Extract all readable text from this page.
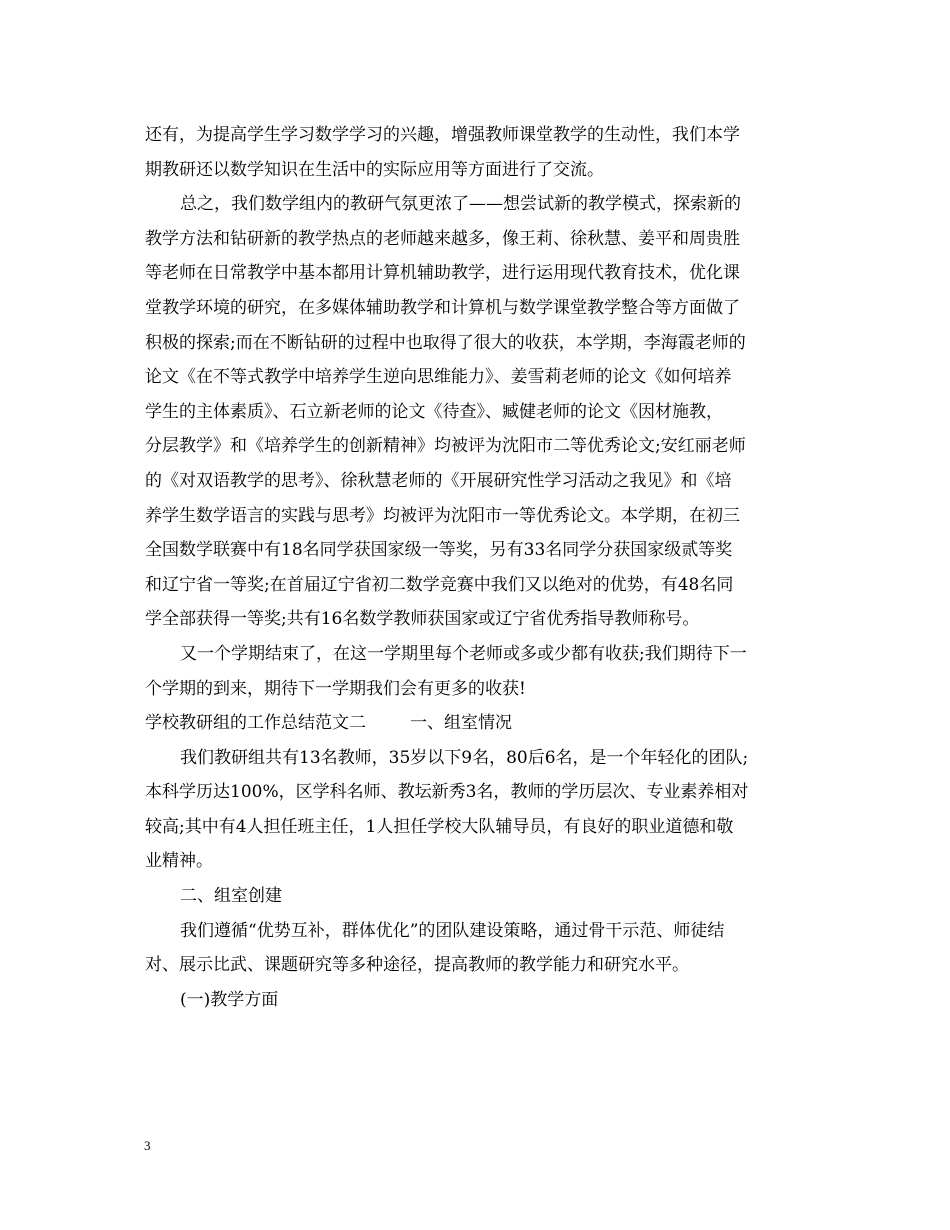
还有，为提高学生学习数学学习的兴趣，增强教师课堂教学的生动性，我们本学
期教研还以数学知识在生活中的实际应用等方面进行了交流。
总之，我们数学组内的教研气氛更浓了——想尝试新的教学模式，探索新的
教学方法和钻研新的教学热点的老师越来越多，像王莉、徐秋慧、姜平和周贵胜
等老师在日常教学中基本都用计算机辅助教学，进行运用现代教育技术，优化课
堂教学环境的研究，在多媒体辅助教学和计算机与数学课堂教学整合等方面做了
积极的探索;而在不断钻研的过程中也取得了很大的收获，本学期，李海霞老师的
论文《在不等式教学中培养学生逆向思维能力》、姜雪莉老师的论文《如何培养
学生的主体素质》、石立新老师的论文《待查》、臧健老师的论文《因材施教，
分层教学》和《培养学生的创新精神》均被评为沈阳市二等优秀论文;安红丽老师
的《对双语教学的思考》、徐秋慧老师的《开展研究性学习活动之我见》和《培
养学生数学语言的实践与思考》均被评为沈阳市一等优秀论文。本学期，在初三
全国数学联赛中有18名同学获国家级一等奖，另有33名同学分获国家级贰等奖
和辽宁省一等奖;在首届辽宁省初二数学竞赛中我们又以绝对的优势，有48名同
学全部获得一等奖;共有16名数学教师获国家或辽宁省优秀指导教师称号。
又一个学期结束了，在这一学期里每个老师或多或少都有收获;我们期待下一
个学期的到来，期待下一学期我们会有更多的收获!
学校教研组的工作总结范文二	一、组室情况
我们教研组共有13名教师，35岁以下9名，80后6名，是一个年轻化的团队;
本科学历达100%，区学科名师、教坛新秀3名，教师的学历层次、专业素养相对
较高;其中有4人担任班主任，1人担任学校大队辅导员，有良好的职业道德和敬
业精神。
二、组室创建
我们遵循“优势互补，群体优化”的团队建设策略，通过骨干示范、师徒结
对、展示比武、课题研究等多种途径，提高教师的教学能力和研究水平。
(一)教学方面
3
